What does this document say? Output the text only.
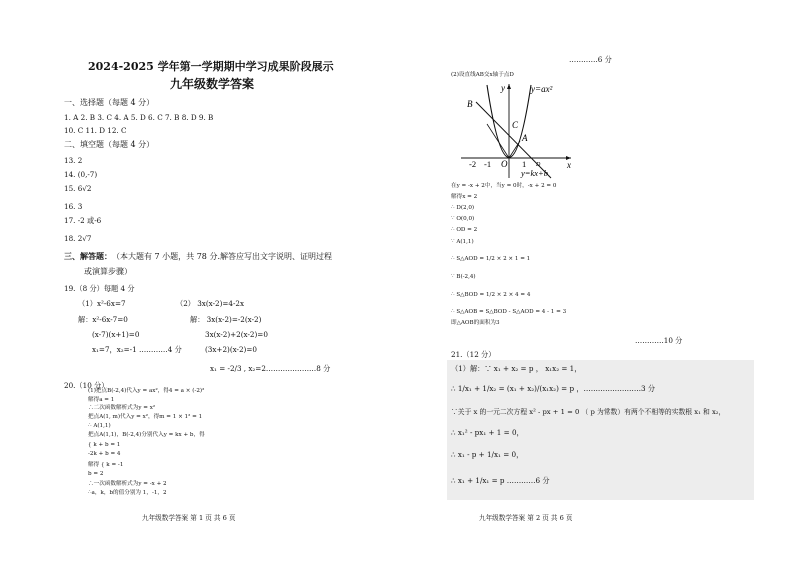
2024-2025 学年第一学期期中学习成果阶段展示
九年级数学答案
一、选择题（每题 4 分）
1. A 2. B 3. C 4. A 5. D 6. C 7. B 8. D 9. B
10. C 11. D 12. C
二、填空题（每题 4 分）
13. 2
14. (0,-7)
15. 6√2
16. 3
17. -2 或-6
18. 2√7
三、解答题： （本大题有 7 小题，共 78 分.解答应写出文字说明、证明过程
或演算步骤）
19.（8 分）每题 4 分
（1）x²-6x=7	（2） 3x(x-2)=4-2x
解：x²-6x-7=0	解： 3x(x-2)=-2(x-2)
(x-7)(x+1)=0	3x(x-2)+2(x-2)=0
x₁=7，x₂=-1 …………4 分	(3x+2)(x-2)=0
x₁ = -2/3 , x₂=2…………………8 分
20.（10 分）
(1)把点B(-2,4)代入y = ax²，得4 = a × (-2)²
解得a = 1
∴二次函数解析式为y = x²
把点A(1, m)代入y = x²，得m = 1 × 1² = 1
∴ A(1,1)
把点A(1,1)，B(-2,4)分别代入y = kx + b，得
{ k + b = 1
-2k + b = 4
解得 { k = -1
b = 2
∴一次函数解析式为y = -x + 2
∴a，k，b的值分别为 1，-1，2
九年级数学答案 第 1 页 共 6 页
…………6 分
(2)设直线AB交x轴于点D
y
x
y=ax²
y=kx+b
B
A
C
O	D
-2 -1	1
在y = -x + 2中，当y = 0时，-x + 2 = 0
解得x = 2
∴ D(2,0)
∵ O(0,0)
∴ OD = 2
∵ A(1,1)
∴ S△AOD = 1/2 × 2 × 1 = 1
∵ B(-2,4)
∴ S△BOD = 1/2 × 2 × 4 = 4
∴ S△AOB = S△BOD - S△AOD = 4 - 1 = 3
即△AOB的面积为3
…………10 分
21.（12 分）
（1）解：∵ x₁ + x₂ = p ， x₁x₂ = 1，
∴ 1/x₁ + 1/x₂ = (x₁ + x₂)/(x₁x₂) = p ，……………………3 分
∵关于 x 的一元二次方程 x² - px + 1 = 0 （ p 为常数）有两个不相等的实数根 x₁ 和 x₂，
∴ x₁² - px₁ + 1 = 0，
∴ x₁ - p + 1/x₁ = 0，
∴ x₁ + 1/x₁ = p …………6 分
九年级数学答案 第 2 页 共 6 页
